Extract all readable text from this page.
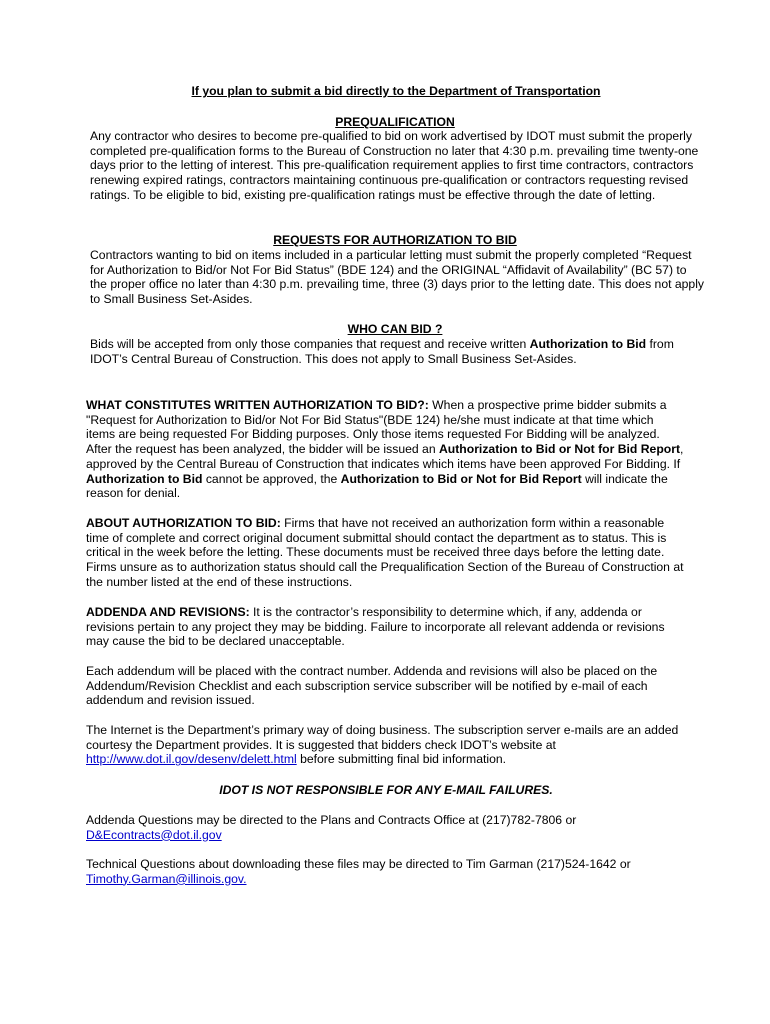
If you plan to submit a bid directly to the Department of Transportation
PREQUALIFICATION

Any contractor who desires to become pre-qualified to bid on work advertised by IDOT must submit the properly completed pre-qualification forms to the Bureau of Construction no later that 4:30 p.m. prevailing time twenty-one days prior to the letting of interest. This pre-qualification requirement applies to first time contractors, contractors renewing expired ratings, contractors maintaining continuous pre-qualification or contractors requesting revised ratings. To be eligible to bid, existing pre-qualification ratings must be effective through the date of letting.

REQUESTS FOR AUTHORIZATION TO BID

Contractors wanting to bid on items included in a particular letting must submit the properly completed “Request for Authorization to Bid/or Not For Bid Status” (BDE 124) and the ORIGINAL “Affidavit of Availability” (BC 57) to the proper office no later than 4:30 p.m. prevailing time, three (3) days prior to the letting date. This does not apply to Small Business Set-Asides.

WHO CAN BID ?

Bids will be accepted from only those companies that request and receive written Authorization to Bid from IDOT’s Central Bureau of Construction. This does not apply to Small Business Set-Asides.

WHAT CONSTITUTES WRITTEN AUTHORIZATION TO BID?: When a prospective prime bidder submits a "Request for Authorization to Bid/or Not For Bid Status"(BDE 124) he/she must indicate at that time which items are being requested For Bidding purposes. Only those items requested For Bidding will be analyzed. After the request has been analyzed, the bidder will be issued an Authorization to Bid or Not for Bid Report, approved by the Central Bureau of Construction that indicates which items have been approved For Bidding. If Authorization to Bid cannot be approved, the Authorization to Bid or Not for Bid Report will indicate the reason for denial.

ABOUT AUTHORIZATION TO BID: Firms that have not received an authorization form within a reasonable time of complete and correct original document submittal should contact the department as to status. This is critical in the week before the letting. These documents must be received three days before the letting date. Firms unsure as to authorization status should call the Prequalification Section of the Bureau of Construction at the number listed at the end of these instructions.

ADDENDA AND REVISIONS: It is the contractor’s responsibility to determine which, if any, addenda or revisions pertain to any project they may be bidding. Failure to incorporate all relevant addenda or revisions may cause the bid to be declared unacceptable.

Each addendum will be placed with the contract number. Addenda and revisions will also be placed on the Addendum/Revision Checklist and each subscription service subscriber will be notified by e-mail of each addendum and revision issued.

The Internet is the Department’s primary way of doing business. The subscription server e-mails are an added courtesy the Department provides. It is suggested that bidders check IDOT’s website at http://www.dot.il.gov/desenv/delett.html before submitting final bid information.

IDOT IS NOT RESPONSIBLE FOR ANY E-MAIL FAILURES.

Addenda Questions may be directed to the Plans and Contracts Office at (217)782-7806 or D&Econtracts@dot.il.gov

Technical Questions about downloading these files may be directed to Tim Garman (217)524-1642 or Timothy.Garman@illinois.gov.
